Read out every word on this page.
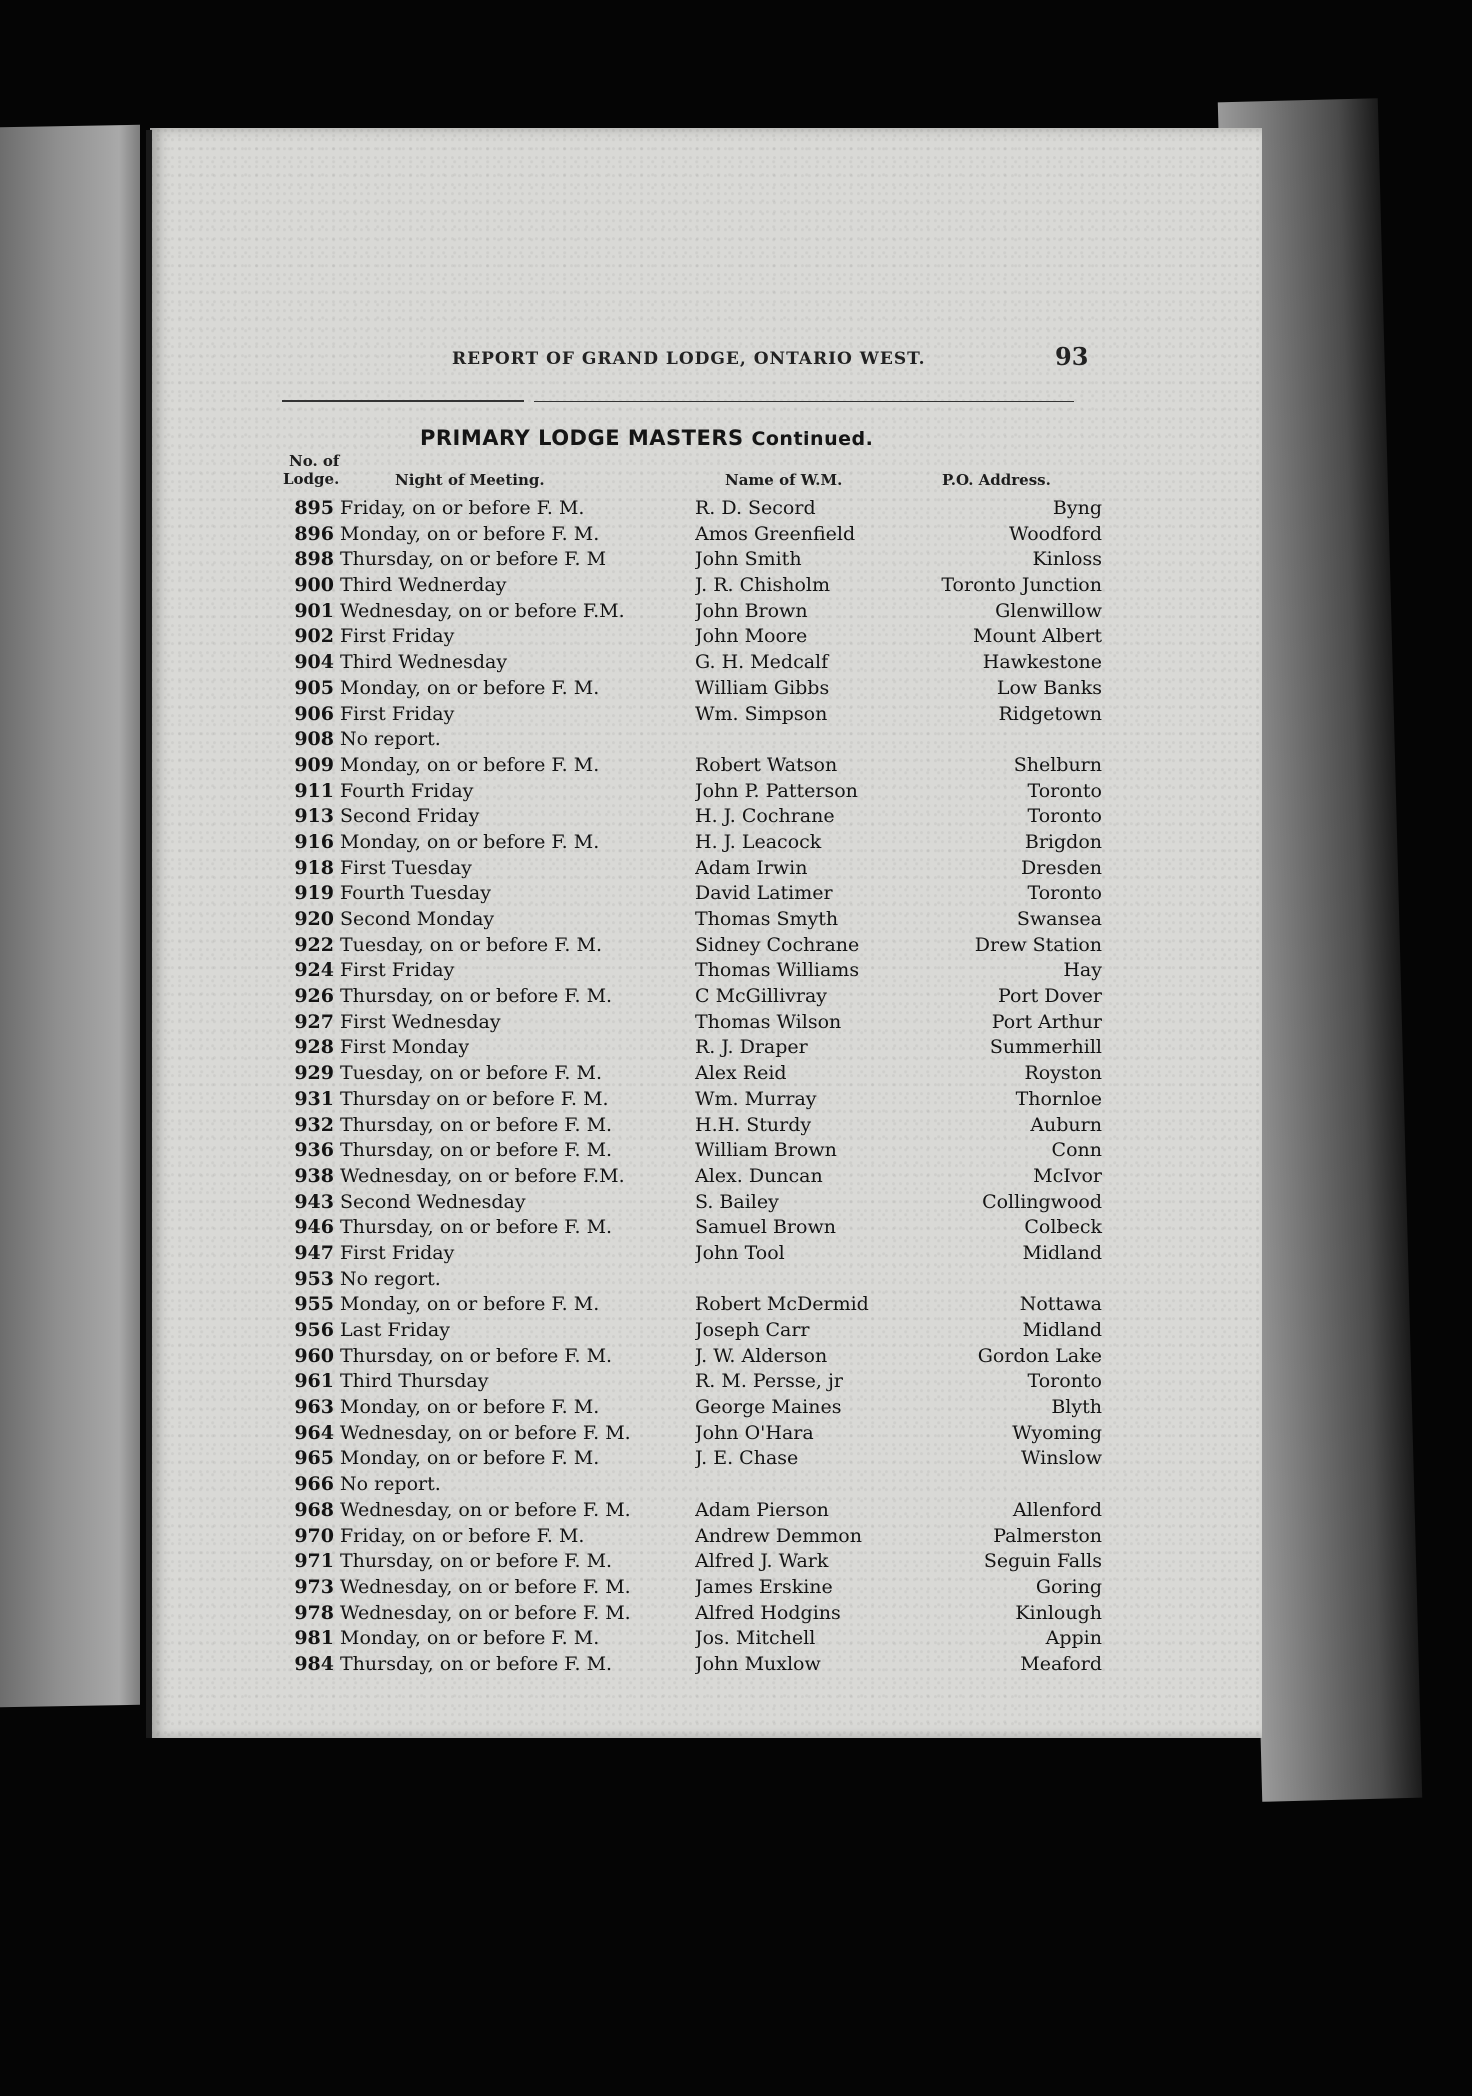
REPORT OF GRAND LODGE, ONTARIO WEST.	93
PRIMARY LODGE MASTERS Continued.
No. of
Lodge.	Night of Meeting.	Name of W.M.	P.O. Address.
895 Friday, on or before F. M.	R. D. Secord	Byng
896 Monday, on or before F. M.	Amos Greenfield	Woodford
898 Thursday, on or before F. M	John Smith	Kinloss
900 Third Wednerday	J. R. Chisholm	Toronto Junction
901 Wednesday, on or before F.M.	John Brown	Glenwillow
902 First Friday	John Moore	Mount Albert
904 Third Wednesday	G. H. Medcalf	Hawkestone
905 Monday, on or before F. M.	William Gibbs	Low Banks
906 First Friday	Wm. Simpson	Ridgetown
908 No report.
909 Monday, on or before F. M.	Robert Watson	Shelburn
911 Fourth Friday	John P. Patterson	Toronto
913 Second Friday	H. J. Cochrane	Toronto
916 Monday, on or before F. M.	H. J. Leacock	Brigdon
918 First Tuesday	Adam Irwin	Dresden
919 Fourth Tuesday	David Latimer	Toronto
920 Second Monday	Thomas Smyth	Swansea
922 Tuesday, on or before F. M.	Sidney Cochrane	Drew Station
924 First Friday	Thomas Williams	Hay
926 Thursday, on or before F. M.	C McGillivray	Port Dover
927 First Wednesday	Thomas Wilson	Port Arthur
928 First Monday	R. J. Draper	Summerhill
929 Tuesday, on or before F. M.	Alex Reid	Royston
931 Thursday on or before F. M.	Wm. Murray	Thornloe
932 Thursday, on or before F. M.	H.H. Sturdy	Auburn
936 Thursday, on or before F. M.	William Brown	Conn
938 Wednesday, on or before F.M.	Alex. Duncan	McIvor
943 Second Wednesday	S. Bailey	Collingwood
946 Thursday, on or before F. M.	Samuel Brown	Colbeck
947 First Friday	John Tool	Midland
953 No regort.
955 Monday, on or before F. M.	Robert McDermid	Nottawa
956 Last Friday	Joseph Carr	Midland
960 Thursday, on or before F. M.	J. W. Alderson	Gordon Lake
961 Third Thursday	R. M. Persse, jr	Toronto
963 Monday, on or before F. M.	George Maines	Blyth
964 Wednesday, on or before F. M.	John O'Hara	Wyoming
965 Monday, on or before F. M.	J. E. Chase	Winslow
966 No report.
968 Wednesday, on or before F. M.	Adam Pierson	Allenford
970 Friday, on or before F. M.	Andrew Demmon	Palmerston
971 Thursday, on or before F. M.	Alfred J. Wark	Seguin Falls
973 Wednesday, on or before F. M.	James Erskine	Goring
978 Wednesday, on or before F. M.	Alfred Hodgins	Kinlough
981 Monday, on or before F. M.	Jos. Mitchell	Appin
984 Thursday, on or before F. M.	John Muxlow	Meaford
